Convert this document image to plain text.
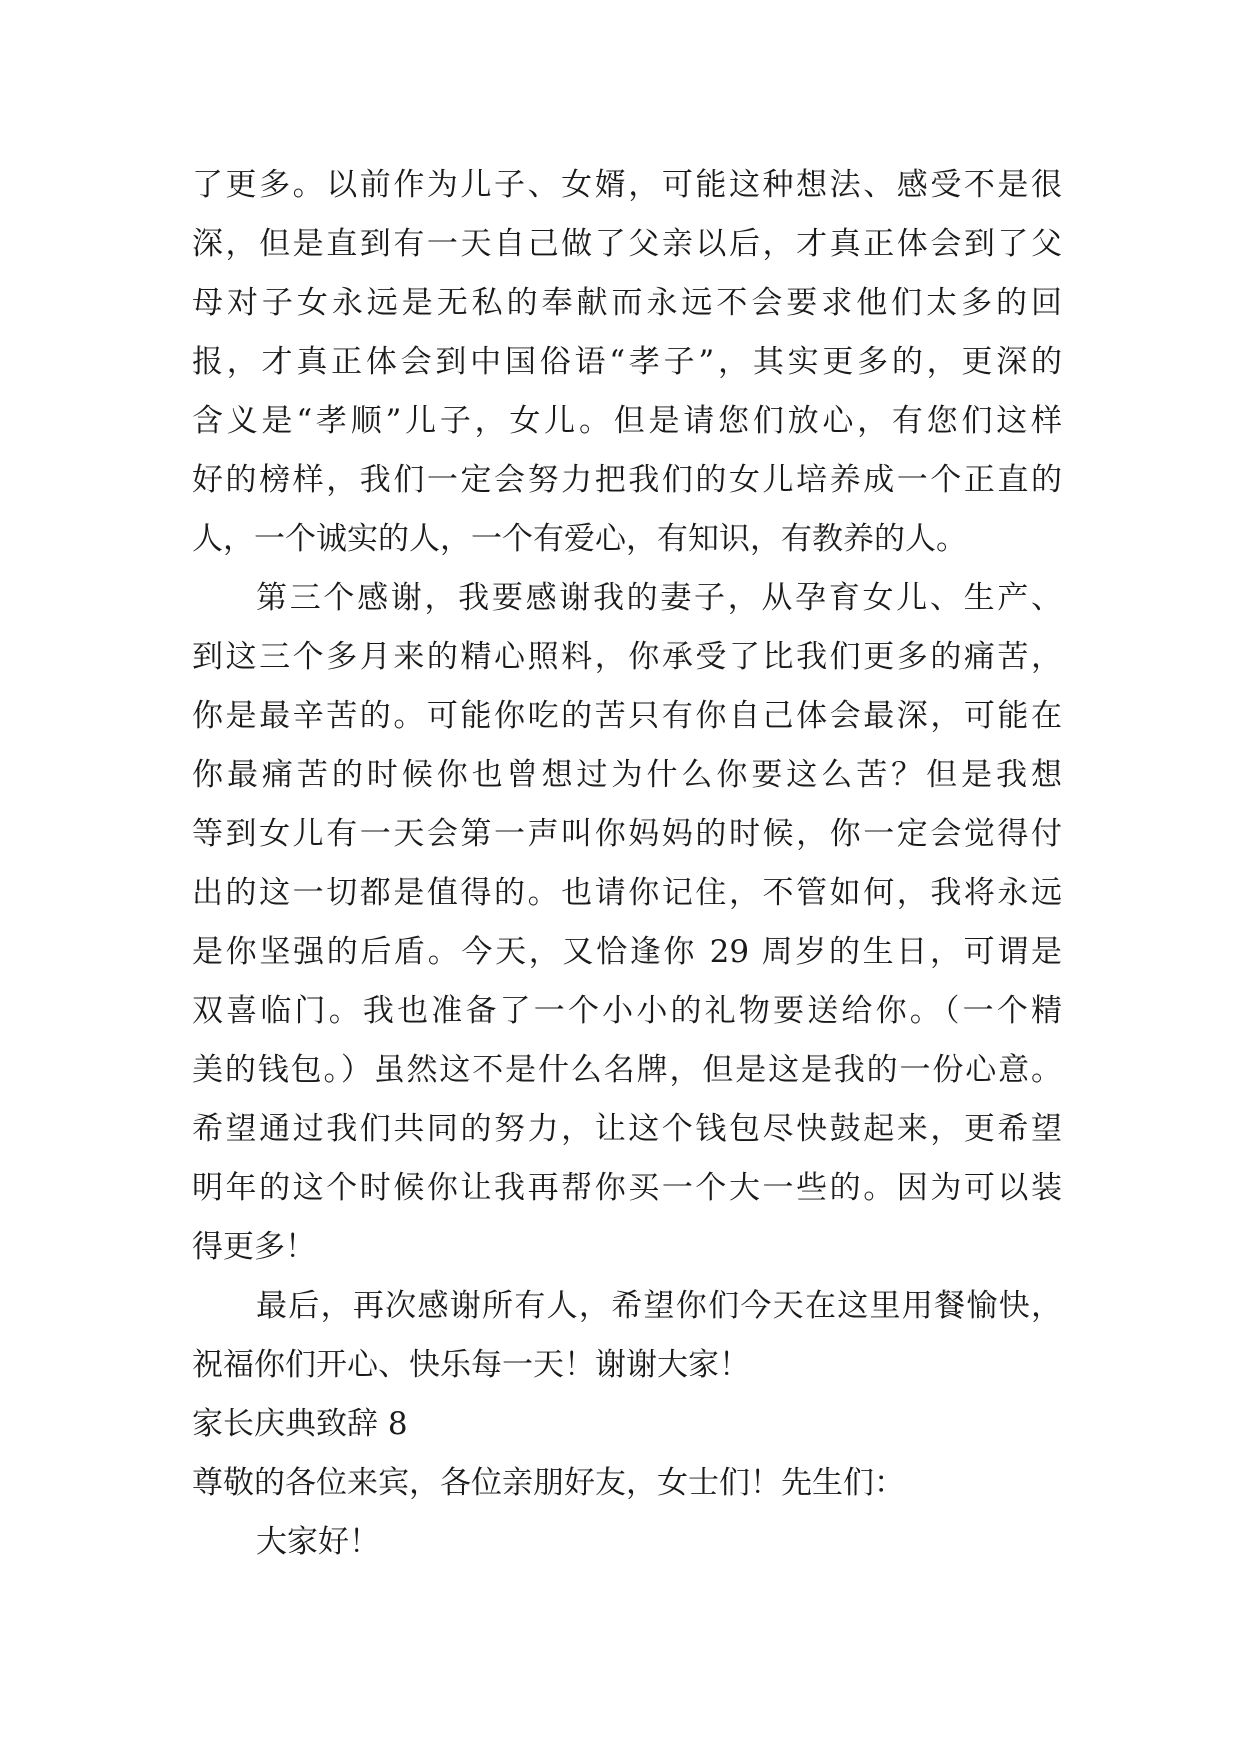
了更多。以前作为儿子、女婿，可能这种想法、感受不是很
深，但是直到有一天自己做了父亲以后，才真正体会到了父
母对子女永远是无私的奉献而永远不会要求他们太多的回
报，才真正体会到中国俗语“孝子”，其实更多的，更深的
含义是“孝顺”儿子，女儿。但是请您们放心，有您们这样
好的榜样，我们一定会努力把我们的女儿培养成一个正直的
人，一个诚实的人，一个有爱心，有知识，有教养的人。
第三个感谢，我要感谢我的妻子，从孕育女儿、生产、
到这三个多月来的精心照料，你承受了比我们更多的痛苦，
你是最辛苦的。可能你吃的苦只有你自己体会最深，可能在
你最痛苦的时候你也曾想过为什么你要这么苦？但是我想
等到女儿有一天会第一声叫你妈妈的时候，你一定会觉得付
出的这一切都是值得的。也请你记住，不管如何，我将永远
是你坚强的后盾。今天，又恰逢你 29 周岁的生日，可谓是
双喜临门。我也准备了一个小小的礼物要送给你。（一个精
美的钱包。）虽然这不是什么名牌，但是这是我的一份心意。
希望通过我们共同的努力，让这个钱包尽快鼓起来，更希望
明年的这个时候你让我再帮你买一个大一些的。因为可以装
得更多！
最后，再次感谢所有人，希望你们今天在这里用餐愉快，
祝福你们开心、快乐每一天！谢谢大家！
家长庆典致辞 8
尊敬的各位来宾，各位亲朋好友，女士们！先生们：
大家好！
